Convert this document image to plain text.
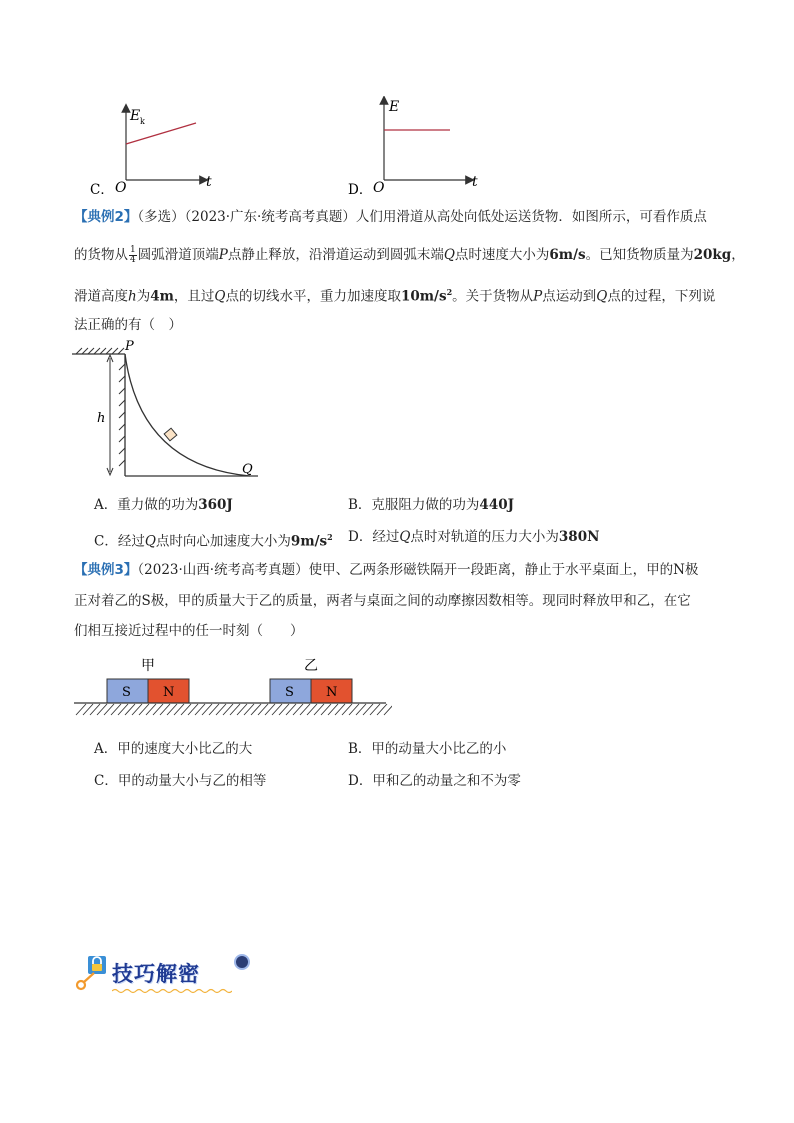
E k
O	t
C．
E
O	t
D．
【典例2】（多选）（2023·广东·统考高考真题）人们用滑道从高处向低处运送货物．如图所示，可看作质点
的货物从 $\frac{1}{4}$ 圆弧滑道顶端P点静止释放，沿滑道运动到圆弧末端Q点时速度大小为6m/s。已知货物质量为20kg，
滑道高度h为4m，且过Q点的切线水平，重力加速度取$10m/s^2$。关于货物从P点运动到Q点的过程，下列说
法正确的有（　）
h
P
Q
A．重力做的功为360J	B．克服阻力做的功为440J
C．经过Q点时向心加速度大小为$9m/s^2$ D．经过Q点时对轨道的压力大小为380N
【典例3】（2023·山西·统考高考真题）使甲、乙两条形磁铁隔开一段距离，静止于水平桌面上，甲的N极
正对着乙的S极，甲的质量大于乙的质量，两者与桌面之间的动摩擦因数相等。现同时释放甲和乙，在它
们相互接近过程中的任一时刻（　　）
甲	乙
S N	S N
A．甲的速度大小比乙的大	B．甲的动量大小比乙的小
C．甲的动量大小与乙的相等	D．甲和乙的动量之和不为零
技巧解密
